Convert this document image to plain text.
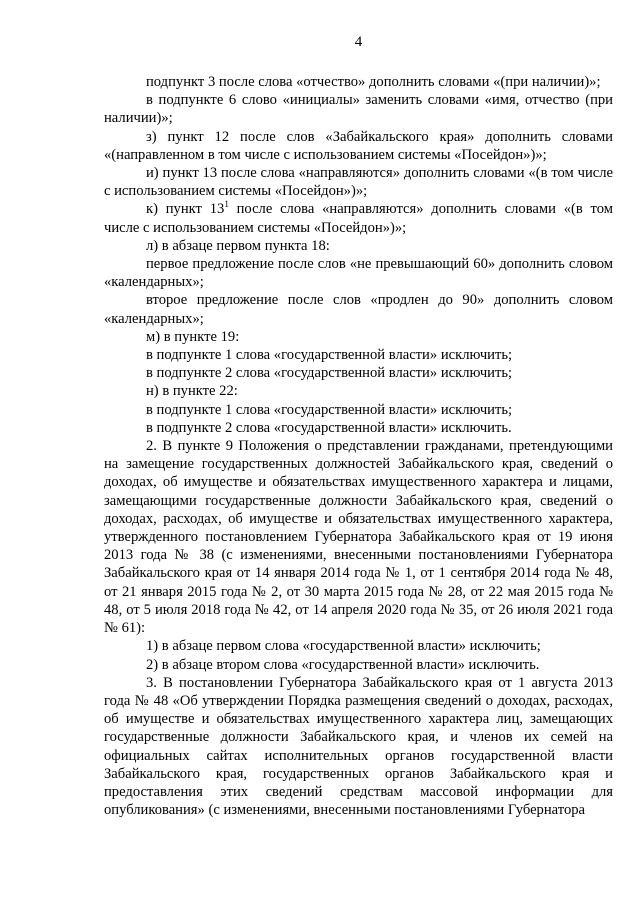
4

подпункт 3 после слова «отчество» дополнить словами «(при наличии)»;

в подпункте 6 слово «инициалы» заменить словами «имя, отчество (при наличии)»;

з) пункт 12 после слов «Забайкальского края» дополнить словами «(направленном в том числе с использованием системы «Посейдон»)»;

и) пункт 13 после слова «направляются» дополнить словами «(в том числе с использованием системы «Посейдон»)»;

к) пункт $13^1$ после слова «направляются» дополнить словами «(в том числе с использованием системы «Посейдон»)»;

л) в абзаце первом пункта 18:

первое предложение после слов «не превышающий 60» дополнить словом «календарных»;

второе предложение после слов «продлен до 90» дополнить словом «календарных»;

м) в пункте 19:

в подпункте 1 слова «государственной власти» исключить;

в подпункте 2 слова «государственной власти» исключить;

н) в пункте 22:

в подпункте 1 слова «государственной власти» исключить;

в подпункте 2 слова «государственной власти» исключить.

2. В пункте 9 Положения о представлении гражданами, претендующими на замещение государственных должностей Забайкальского края, сведений о доходах, об имуществе и обязательствах имущественного характера и лицами, замещающими государственные должности Забайкальского края, сведений о доходах, расходах, об имуществе и обязательствах имущественного характера, утвержденного постановлением Губернатора Забайкальского края от 19 июня 2013 года № 38 (с изменениями, внесенными постановлениями Губернатора Забайкальского края от 14 января 2014 года № 1, от 1 сентября 2014 года № 48, от 21 января 2015 года № 2, от 30 марта 2015 года № 28, от 22 мая 2015 года № 48, от 5 июля 2018 года № 42, от 14 апреля 2020 года № 35, от 26 июля 2021 года № 61):

1) в абзаце первом слова «государственной власти» исключить;

2) в абзаце втором слова «государственной власти» исключить.

3. В постановлении Губернатора Забайкальского края от 1 августа 2013 года № 48 «Об утверждении Порядка размещения сведений о доходах, расходах, об имуществе и обязательствах имущественного характера лиц, замещающих государственные должности Забайкальского края, и членов их семей на официальных сайтах исполнительных органов государственной власти Забайкальского края, государственных органов Забайкальского края и предоставления этих сведений средствам массовой информации для опубликования» (с изменениями, внесенными постановлениями Губернатора
